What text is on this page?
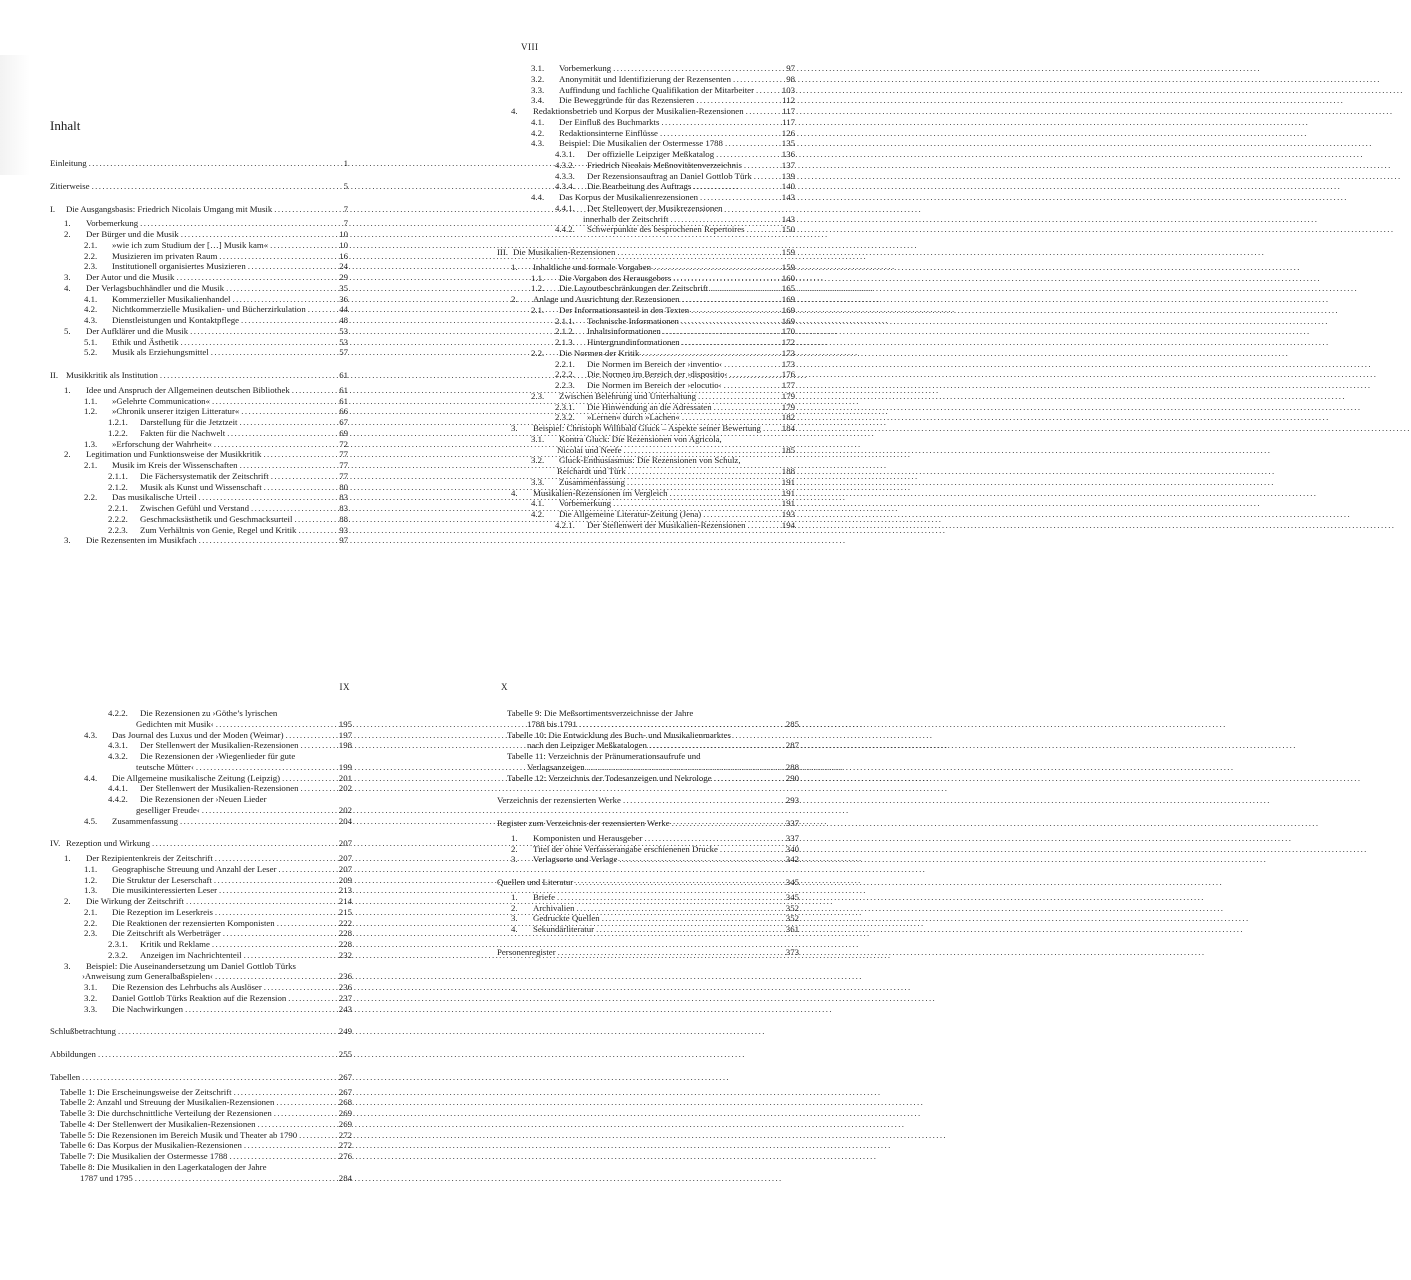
Inhalt
Einleitung .....	1
Zitierweise .....	5
I.	Die Ausgangsbasis: Friedrich Nicolais Umgang mit Musik .....	7
1.	Vorbemerkung .....	7
2.	Der Bürger und die Musik .....	10
2.1.	»wie ich zum Studium der […] Musik kam« .....	10
2.2.	Musizieren im privaten Raum .....	16
2.3.	Institutionell organisiertes Musizieren .....	24
3.	Der Autor und die Musik .....	29
4.	Der Verlagsbuchhändler und die Musik .....	35
4.1.	Kommerzieller Musikalienhandel .....	36
4.2.	Nichtkommerzielle Musikalien- und Bücherzirkulation .....	44
4.3.	Dienstleistungen und Kontaktpflege .....	48
5.	Der Aufklärer und die Musik .....	53
5.1.	Ethik und Ästhetik .....	53
5.2.	Musik als Erziehungsmittel .....	57
II. Musikkritik als Institution .....	61
1.	Idee und Anspruch der Allgemeinen deutschen Bibliothek .....	61
1.1.	»Gelehrte Communication« .....	61
1.2.	»Chronik unserer itzigen Litteratur« .....	66
1.2.1.	Darstellung für die Jetztzeit .....	67
1.2.2.	Fakten für die Nachwelt .....	69
1.3.	»Erforschung der Wahrheit« .....	72
2.	Legitimation und Funktionsweise der Musikkritik .....	77
2.1.	Musik im Kreis der Wissenschaften .....	77
2.1.1.	Die Fächersystematik der Zeitschrift .....	77
2.1.2.	Musik als Kunst und Wissenschaft .....	80
2.2.	Das musikalische Urteil .....	83
2.2.1.	Zwischen Gefühl und Verstand .....	83
2.2.2.	Geschmacksästhetik und Geschmacksurteil .....	88
2.2.3.	Zum Verhältnis von Genie, Regel und Kritik .....	93
3.	Die Rezensenten im Musikfach .....	97
VIII
3.1.	Vorbemerkung .....	97
3.2.	Anonymität und Identifizierung der Rezensenten .....	98
3.3.	Auffindung und fachliche Qualifikation der Mitarbeiter .....	103
3.4.	Die Beweggründe für das Rezensieren .....	112
4.	Redaktionsbetrieb und Korpus der Musikalien-Rezensionen .....	117
4.1.	Der Einfluß des Buchmarkts .....	117
4.2.	Redaktionsinterne Einflüsse .....	126
4.3.	Beispiel: Die Musikalien der Ostermesse 1788 .....	135
4.3.1.	Der offizielle Leipziger Meßkatalog .....	136
4.3.2.	Friedrich Nicolais Meßnovitätenverzeichnis .....	137
4.3.3.	Der Rezensionsauftrag an Daniel Gottlob Türk .....	139
4.3.4.	Die Bearbeitung des Auftrags .....	140
4.4.	Das Korpus der Musikalienrezensionen .....	143
4.4.1.	Der Stellenwert der Musikrezensionen
innerhalb der Zeitschrift .....	143
4.4.2.	Schwerpunkte des besprochenen Repertoires .....	150
III. Die Musikalien-Rezensionen .....	159
1.	Inhaltliche und formale Vorgaben .....	159
1.1.	Die Vorgaben des Herausgebers .....	160
1.2.	Die Layoutbeschränkungen der Zeitschrift .....	165
2.	Anlage und Ausrichtung der Rezensionen .....	169
2.1.	Der Informationsanteil in den Texten .....	169
2.1.1.	Technische Informationen .....	169
2.1.2.	Inhaltsinformationen .....	170
2.1.3.	Hintergrundinformationen .....	172
2.2.	Die Normen der Kritik .....	173
2.2.1.	Die Normen im Bereich der ›inventio‹ .....	173
2.2.2.	Die Normen im Bereich der ›dispositio‹ .....	176
2.2.3.	Die Normen im Bereich der ›elocutio‹ .....	177
2.3.	Zwischen Belehrung und Unterhaltung .....	179
2.3.1.	Die Hinwendung an die Adressaten .....	179
2.3.2.	»Lernen« durch »Lachen« .....	182
3.	Beispiel: Christoph Willibald Gluck – Aspekte seiner Bewertung .....	184
3.1.	Kontra Gluck: Die Rezensionen von Agricola,
Nicolai und Neefe .....	185
3.2.	Gluck-Enthusiasmus: Die Rezensionen von Schulz,
Reichardt und Türk .....	188
3.3.	Zusammenfassung .....	191
4.	Musikalien-Rezensionen im Vergleich .....	191
4.1.	Vorbemerkung .....	191
4.2.	Die Allgemeine Literatur-Zeitung (Jena) .....	193
4.2.1.	Der Stellenwert der Musikalien-Rezensionen .....	194
IX
4.2.2.	Die Rezensionen zu ›Göthe’s lyrischen
Gedichten mit Musik‹ .....	195
4.3.	Das Journal des Luxus und der Moden (Weimar) .....	197
4.3.1.	Der Stellenwert der Musikalien-Rezensionen .....	198
4.3.2.	Die Rezensionen der ›Wiegenlieder für gute
teutsche Mütter‹ .....	199
4.4.	Die Allgemeine musikalische Zeitung (Leipzig) .....	201
4.4.1.	Der Stellenwert der Musikalien-Rezensionen .....	202
4.4.2.	Die Rezensionen der ›Neuen Lieder
geselliger Freude‹ .....	202
4.5.	Zusammenfassung .....	204
IV. Rezeption und Wirkung .....	207
1.	Der Rezipientenkreis der Zeitschrift .....	207
1.1.	Geographische Streuung und Anzahl der Leser .....	207
1.2.	Die Struktur der Leserschaft .....	209
1.3.	Die musikinteressierten Leser .....	213
2.	Die Wirkung der Zeitschrift .....	214
2.1.	Die Rezeption im Leserkreis .....	215
2.2.	Die Reaktionen der rezensierten Komponisten .....	222
2.3.	Die Zeitschrift als Werbeträger .....	228
2.3.1.	Kritik und Reklame .....	228
2.3.2.	Anzeigen im Nachrichtenteil .....	232
3.	Beispiel: Die Auseinandersetzung um Daniel Gottlob Türks
›Anweisung zum Generalbaßspielen‹ .....	236
3.1.	Die Rezension des Lehrbuchs als Auslöser .....	236
3.2.	Daniel Gottlob Türks Reaktion auf die Rezension .....	237
3.3.	Die Nachwirkungen .....	243
Schlußbetrachtung .....	249
Abbildungen .....	255
Tabellen .....	267
Tabelle 1: Die Erscheinungsweise der Zeitschrift .....	267
Tabelle 2: Anzahl und Streuung der Musikalien-Rezensionen .....	268
Tabelle 3: Die durchschnittliche Verteilung der Rezensionen .....	269
Tabelle 4: Der Stellenwert der Musikalien-Rezensionen .....	269
Tabelle 5: Die Rezensionen im Bereich Musik und Theater ab 1790 .....	272
Tabelle 6: Das Korpus der Musikalien-Rezensionen .....	272
Tabelle 7: Die Musikalien der Ostermesse 1788 .....	276
Tabelle 8: Die Musikalien in den Lagerkatalogen der Jahre
1787 und 1795 .....	284
X
Tabelle 9: Die Meßsortimentsverzeichnisse der Jahre
1788 bis 1791 .....	285
Tabelle 10: Die Entwicklung des Buch- und Musikalienmarktes
nach den Leipziger Meßkatalogen .....	287
Tabelle 11: Verzeichnis der Pränumerationsaufrufe und
Verlagsanzeigen .....	288
Tabelle 12: Verzeichnis der Todesanzeigen und Nekrologe .....	290
Verzeichnis der rezensierten Werke .....	293
Register zum Verzeichnis der rezensierten Werke .....	337
1.	Komponisten und Herausgeber .....	337
2.	Titel der ohne Verfasserangabe erschienenen Drucke .....	340
3.	Verlagsorte und Verlage .....	342
Quellen und Literatur .....	345
1.	Briefe .....	345
2.	Archivalien .....	352
3.	Gedruckte Quellen .....	352
4.	Sekundärliteratur .....	361
Personenregister .....	373
